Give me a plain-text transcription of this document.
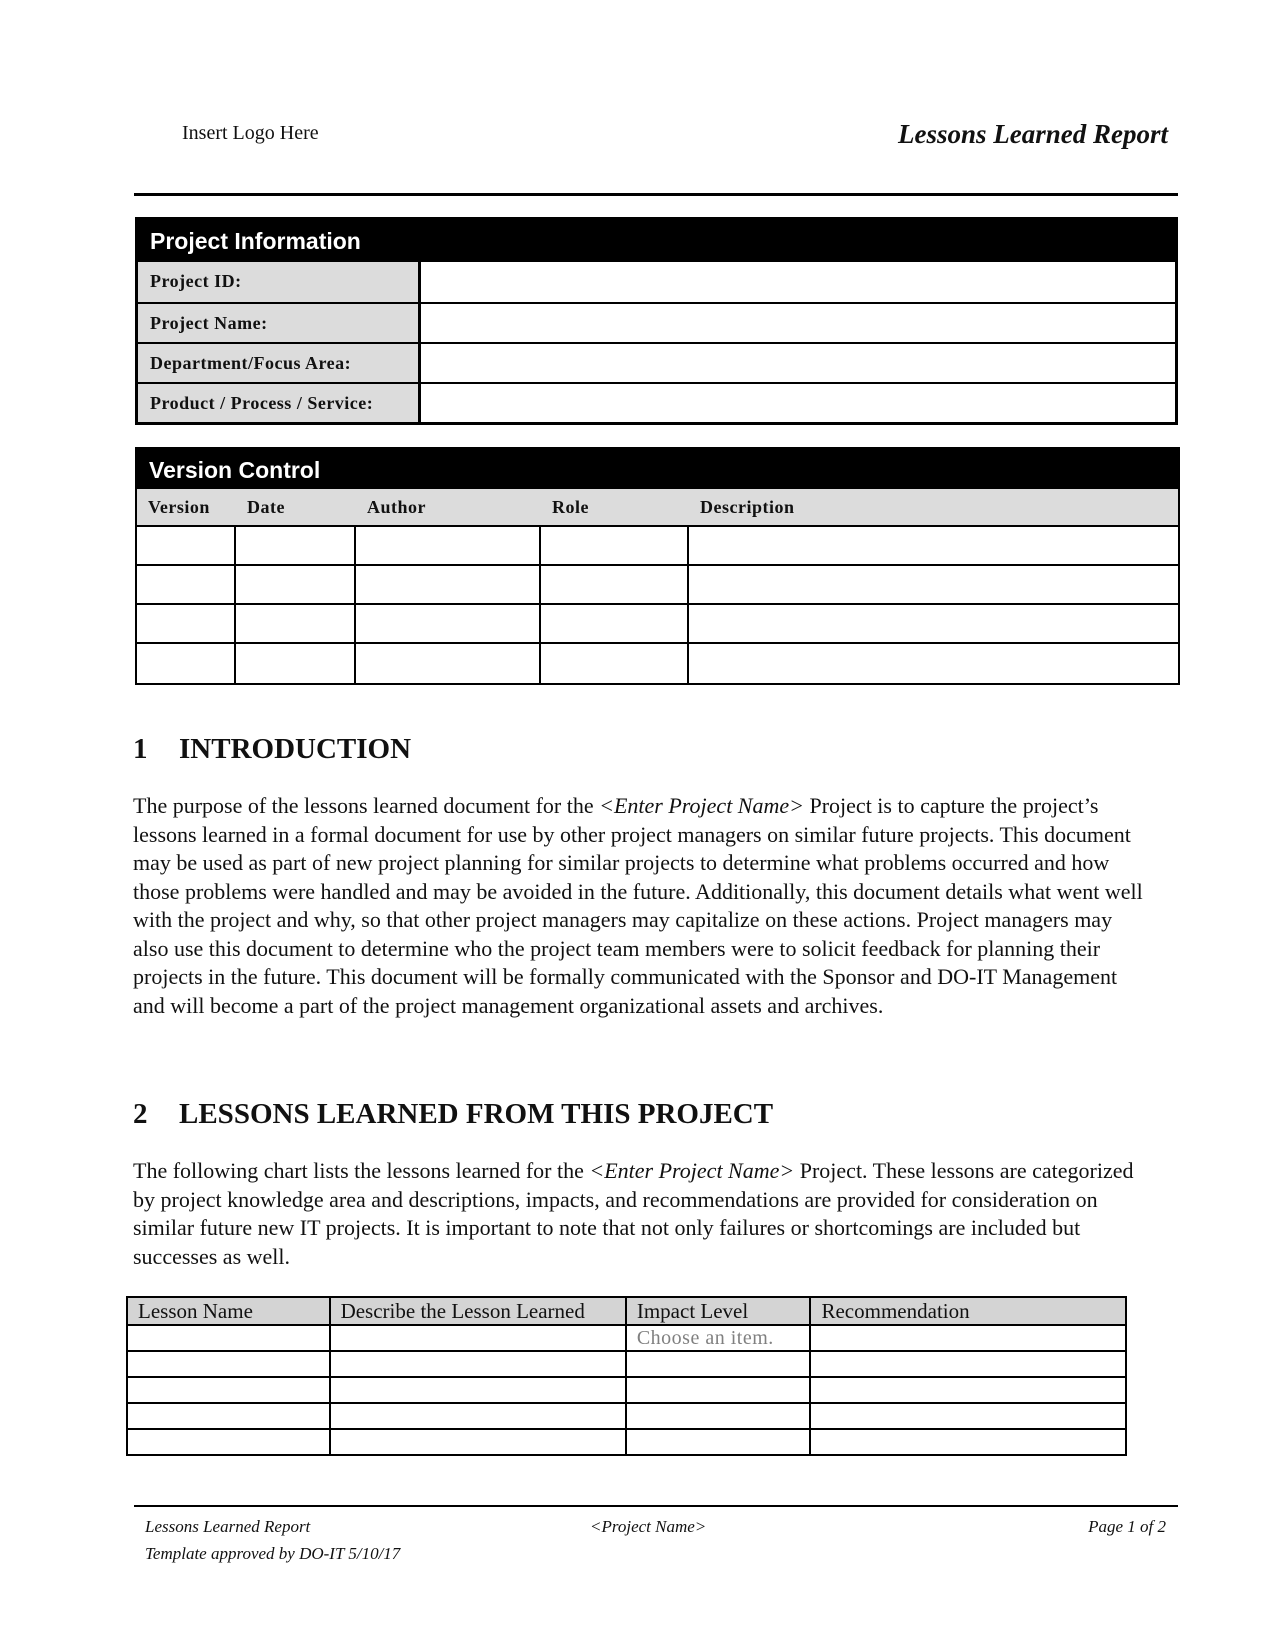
Insert Logo Here	Lessons Learned Report
Project Information
Project ID:
Project Name:
Department/Focus Area:
Product / Process / Service:
Version Control
Version	Date	Author	Role	Description
1 INTRODUCTION
The purpose of the lessons learned document for the <Enter Project Name> Project is to capture the project’s lessons learned in a formal document for use by other project managers on similar future projects. This document may be used as part of new project planning for similar projects to determine what problems occurred and how those problems were handled and may be avoided in the future. Additionally, this document details what went well with the project and why, so that other project managers may capitalize on these actions. Project managers may also use this document to determine who the project team members were to solicit feedback for planning their projects in the future. This document will be formally communicated with the Sponsor and DO-IT Management and will become a part of the project management organizational assets and archives.
2 LESSONS LEARNED FROM THIS PROJECT
The following chart lists the lessons learned for the <Enter Project Name> Project. These lessons are categorized by project knowledge area and descriptions, impacts, and recommendations are provided for consideration on similar future new IT projects. It is important to note that not only failures or shortcomings are included but successes as well.
Lesson Name	Describe the Lesson Learned	Impact Level	Recommendation
		Choose an item.	

Lessons Learned Report
Template approved by DO-IT 5/10/17
<Project Name>	Page 1 of 2
